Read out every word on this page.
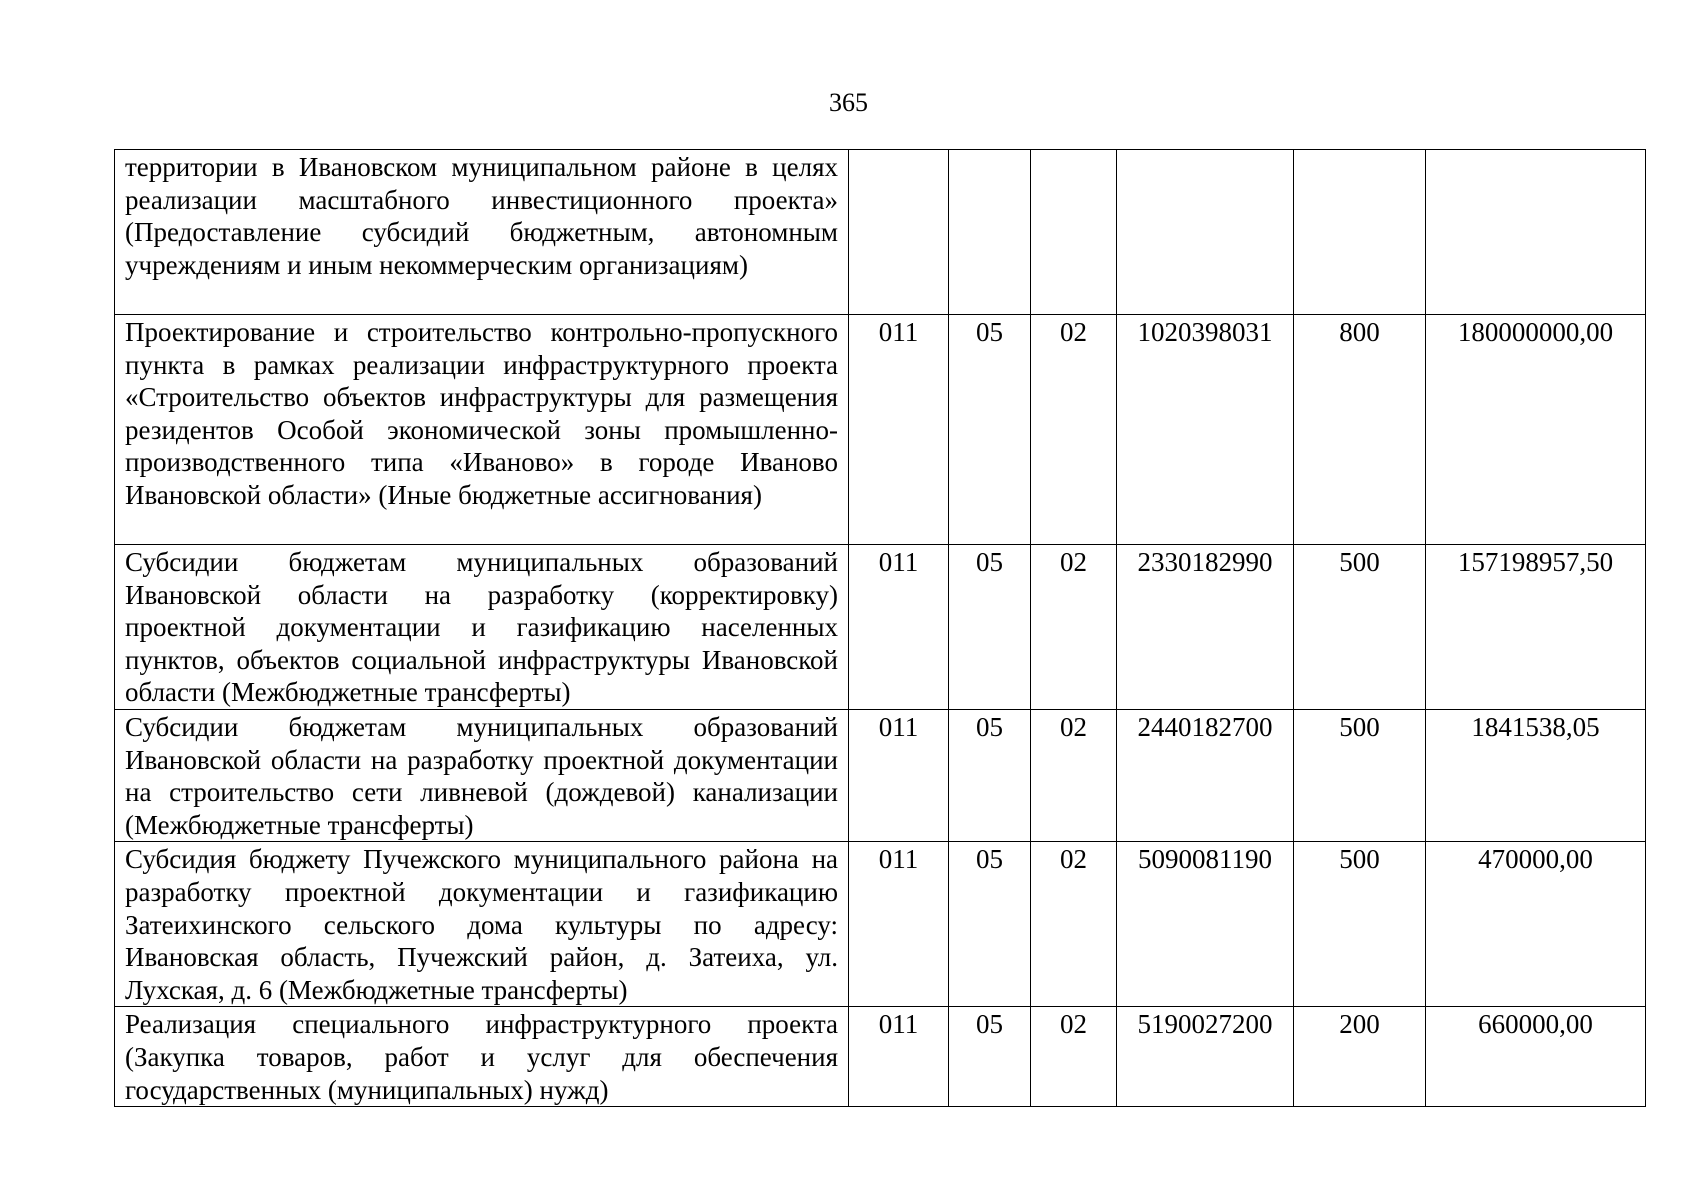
365
территории в Ивановском муниципальном районе в целях реализации масштабного инвестиционного проекта» (Предоставление субсидий бюджетным, автономным учреждениям и иным некоммерческим организациям)						
Проектирование и строительство контрольно-пропускного пункта в рамках реализации инфраструктурного проекта «Строительство объектов инфраструктуры для размещения резидентов Особой экономической зоны промышленно-производственного типа «Иваново» в городе Иваново Ивановской области» (Иные бюджетные ассигнования)	011	05	02	1020398031	800	180000000,00
Субсидии бюджетам муниципальных образований Ивановской области на разработку (корректировку) проектной документации и газификацию населенных пунктов, объектов социальной инфраструктуры Ивановской области (Межбюджетные трансферты)	011	05	02	2330182990	500	157198957,50
Субсидии бюджетам муниципальных образований Ивановской области на разработку проектной документации на строительство сети ливневой (дождевой) канализации (Межбюджетные трансферты)	011	05	02	2440182700	500	1841538,05
Субсидия бюджету Пучежского муниципального района на разработку проектной документации и газификацию Затеихинского сельского дома культуры по адресу: Ивановская область, Пучежский район, д. Затеиха, ул. Лухская, д. 6 (Межбюджетные трансферты)	011	05	02	5090081190	500	470000,00
Реализация специального инфраструктурного проекта (Закупка товаров, работ и услуг для обеспечения государственных (муниципальных) нужд)	011	05	02	5190027200	200	660000,00
